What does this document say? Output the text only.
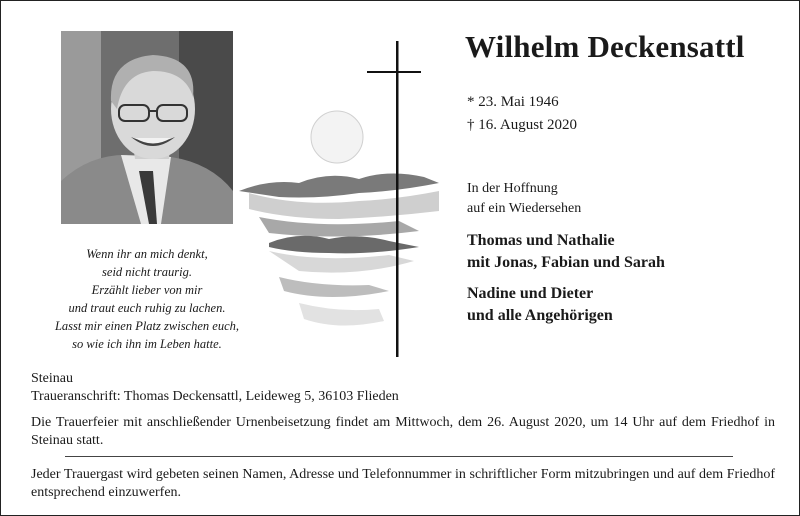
Wenn ihr an mich denkt,
seid nicht traurig.
Erzählt lieber von mir
und traut euch ruhig zu lachen.
Lasst mir einen Platz zwischen euch,
so wie ich ihn im Leben hatte.
Wilhelm Deckensattl
* 23. Mai 1946
† 16. August 2020
In der Hoffnung
auf ein Wiedersehen
Thomas und Nathalie
mit Jonas, Fabian und Sarah
Nadine und Dieter
und alle Angehörigen
Steinau
Traueranschrift: Thomas Deckensattl, Leideweg 5, 36103 Flieden
Die Trauerfeier mit anschließender Urnenbeisetzung findet am Mittwoch, dem 26. August 2020, um 14 Uhr auf dem Friedhof in Steinau statt.
Jeder Trauergast wird gebeten seinen Namen, Adresse und Telefonnummer in schriftlicher Form mitzubringen und auf dem Friedhof entsprechend einzuwerfen.
